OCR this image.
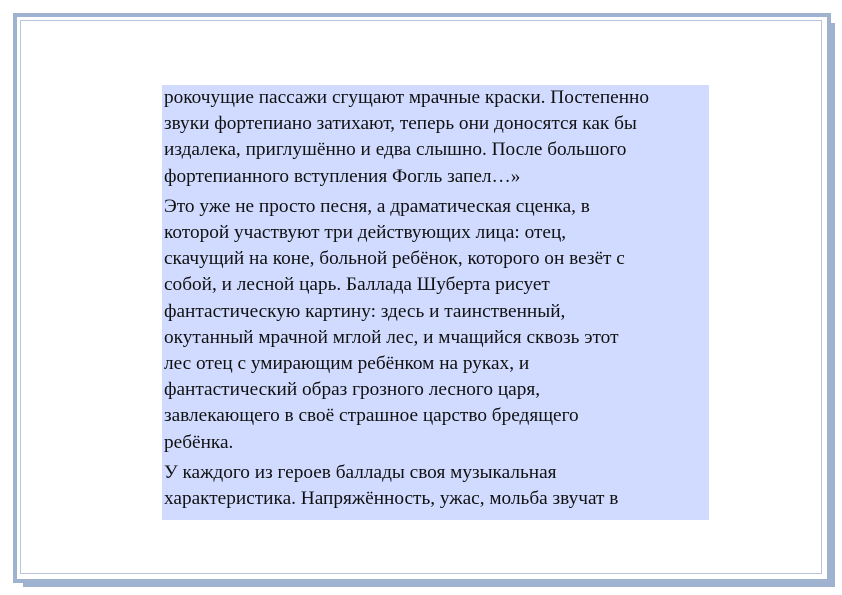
рокочущие пассажи сгущают мрачные краски. Постепенно
звуки фортепиано затихают, теперь они доносятся как бы
издалека, приглушённо и едва слышно. После большого
фортепианного вступления Фогль запел…»

Это уже не просто песня, а драматическая сценка, в
которой участвуют три действующих лица: отец,
скачущий на коне, больной ребёнок, которого он везёт с
собой, и лесной царь. Баллада Шуберта рисует
фантастическую картину: здесь и таинственный,
окутанный мрачной мглой лес, и мчащийся сквозь этот
лес отец с умирающим ребёнком на руках, и
фантастический образ грозного лесного царя,
завлекающего в своё страшное царство бредящего
ребёнка.

У каждого из героев баллады своя музыкальная
характеристика. Напряжённость, ужас, мольба звучат в
